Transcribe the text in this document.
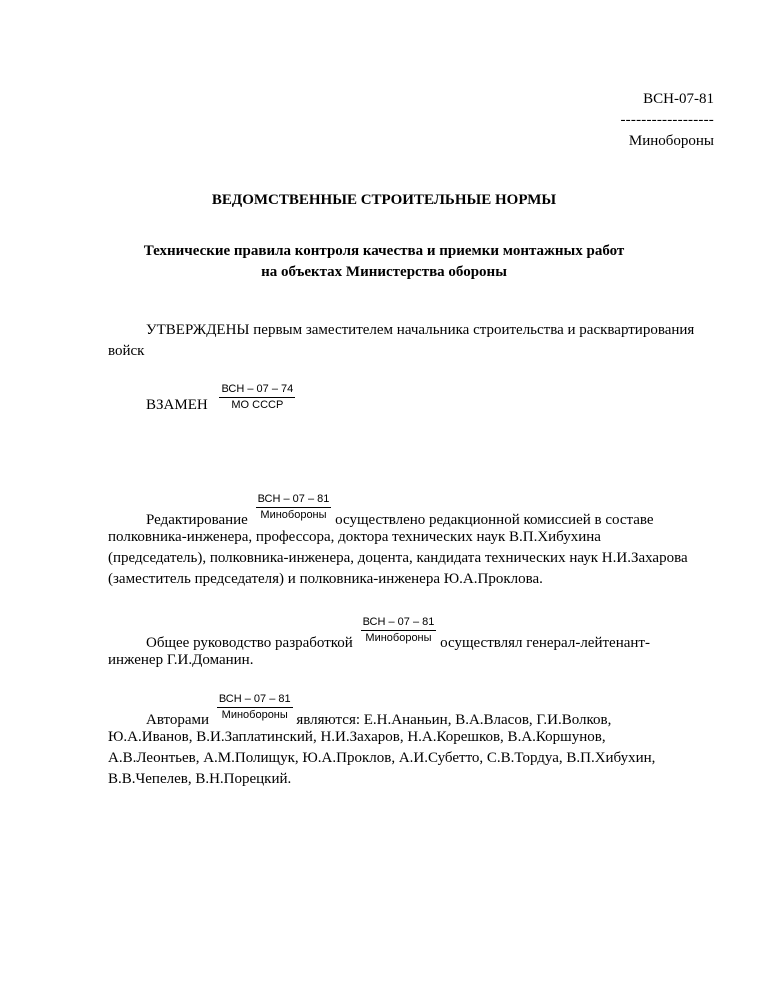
ВСН-07-81
------------------
Минобороны
ВЕДОМСТВЕННЫЕ СТРОИТЕЛЬНЫЕ НОРМЫ
Технические правила контроля качества и приемки монтажных работ
на объектах Министерства обороны
УТВЕРЖДЕНЫ первым заместителем начальника строительства и расквартирования
войск
ВЗАМЕН $\frac{\text{ВСН – 07 – 74}}{\text{МО СССР}}$
Редактирование $\frac{\text{ВСН – 07 – 81}}{\text{Минобороны}}$ осуществлено редакционной комиссией в составе
полковника-инженера, профессора, доктора технических наук В.П.Хибухина
(председатель), полковника-инженера, доцента, кандидата технических наук Н.И.Захарова
(заместитель председателя) и полковника-инженера Ю.А.Проклова.
Общее руководство разработкой $\frac{\text{ВСН – 07 – 81}}{\text{Минобороны}}$ осуществлял генерал-лейтенант-
инженер Г.И.Доманин.
Авторами $\frac{\text{ВСН – 07 – 81}}{\text{Минобороны}}$ являются: Е.Н.Ананьин, В.А.Власов, Г.И.Волков,
Ю.А.Иванов, В.И.Заплатинский, Н.И.Захаров, Н.А.Корешков, В.А.Коршунов,
А.В.Леонтьев, А.М.Полищук, Ю.А.Проклов, А.И.Субетто, С.В.Тордуа, В.П.Хибухин,
В.В.Чепелев, В.Н.Порецкий.
